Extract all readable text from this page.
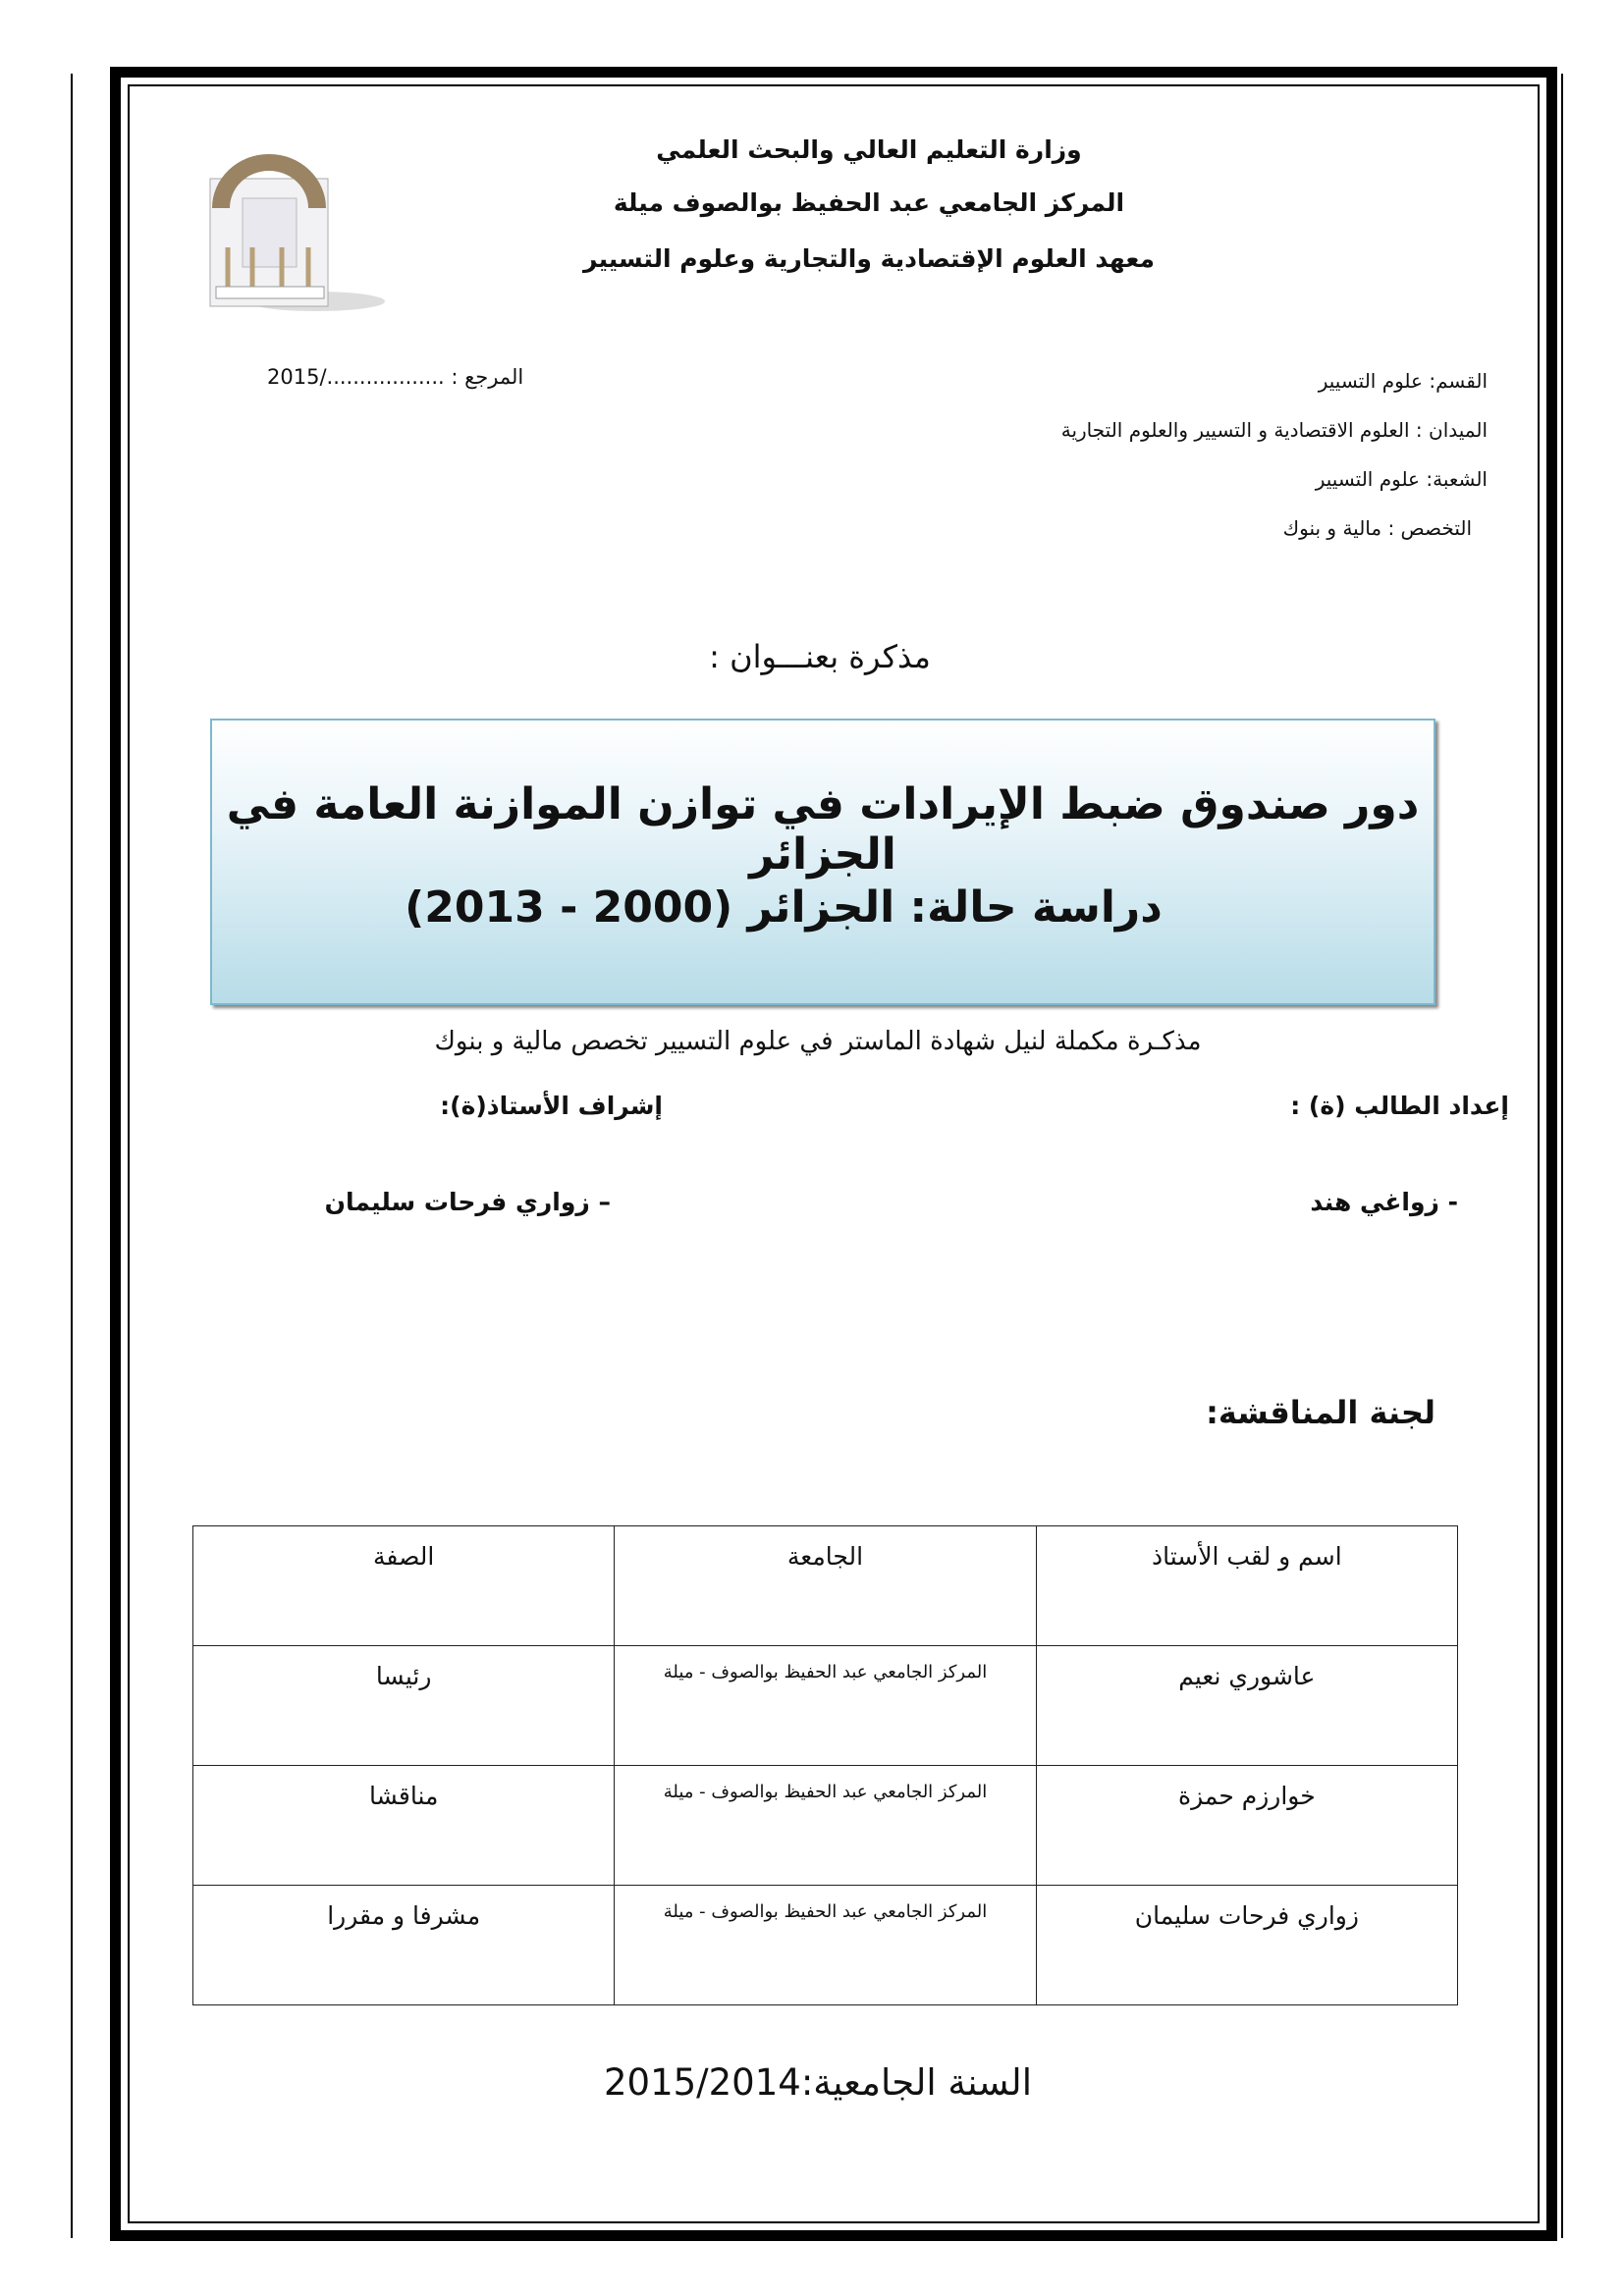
وزارة التعليم العالي والبحث العلمي
المركز الجامعي عبد الحفيظ بوالصوف ميلة
معهد العلوم الإقتصادية والتجارية وعلوم التسيير
القسم: علوم التسيير
الميدان : العلوم الاقتصادية و التسيير والعلوم التجارية
الشعبة: علوم التسيير
التخصص : مالية و بنوك
المرجع : ................../2015
مذكرة بعنـــوان :
دور صندوق ضبط الإيرادات في توازن الموازنة العامة في الجزائر
دراسة حالة: الجزائر (2000 - 2013)
مذكـرة مكملة لنيل شهادة الماستر في علوم التسيير تخصص مالية و بنوك
إعداد الطالب (ة) :
إشراف الأستاذ(ة):
- زواغي هند
– زواري فرحات سليمان
لجنة المناقشة:
اسم و لقب الأستاذ	الجامعة	الصفة
عاشوري نعيم	المركز الجامعي عبد الحفيظ بوالصوف - ميلة	رئيسا
خوارزم حمزة	المركز الجامعي عبد الحفيظ بوالصوف - ميلة	مناقشا
زواري فرحات سليمان	المركز الجامعي عبد الحفيظ بوالصوف - ميلة	مشرفا و مقررا
السنة الجامعية:2015/2014
